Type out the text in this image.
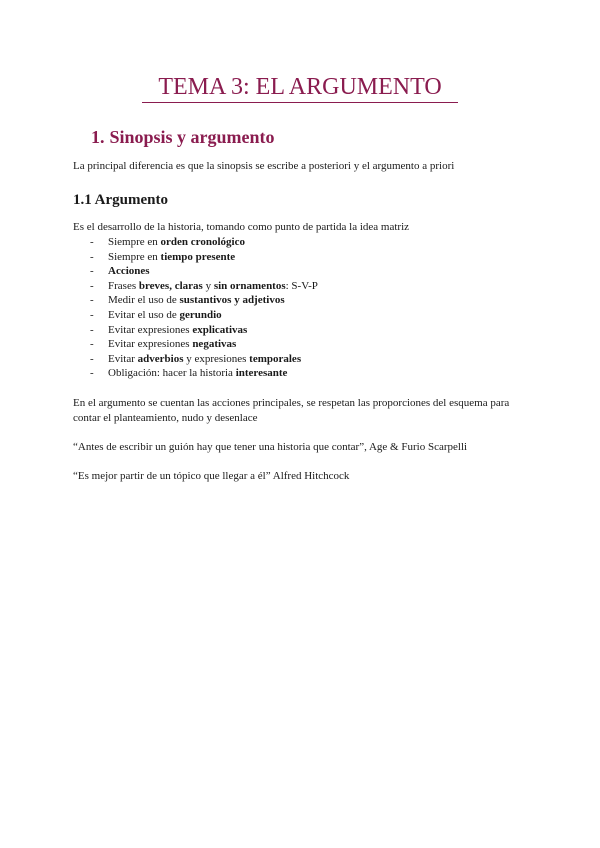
TEMA 3: EL ARGUMENTO
1. Sinopsis y argumento
La principal diferencia es que la sinopsis se escribe a posteriori y el argumento a priori
1.1 Argumento
Es el desarrollo de la historia, tomando como punto de partida la idea matriz
- Siempre en orden cronológico
- Siempre en tiempo presente
- Acciones
- Frases breves, claras y sin ornamentos: S-V-P
- Medir el uso de sustantivos y adjetivos
- Evitar el uso de gerundio
- Evitar expresiones explicativas
- Evitar expresiones negativas
- Evitar adverbios y expresiones temporales
- Obligación: hacer la historia interesante
En el argumento se cuentan las acciones principales, se respetan las proporciones del esquema para contar el planteamiento, nudo y desenlace
“Antes de escribir un guión hay que tener una historia que contar”, Age & Furio Scarpelli
“Es mejor partir de un tópico que llegar a él” Alfred Hitchcock
